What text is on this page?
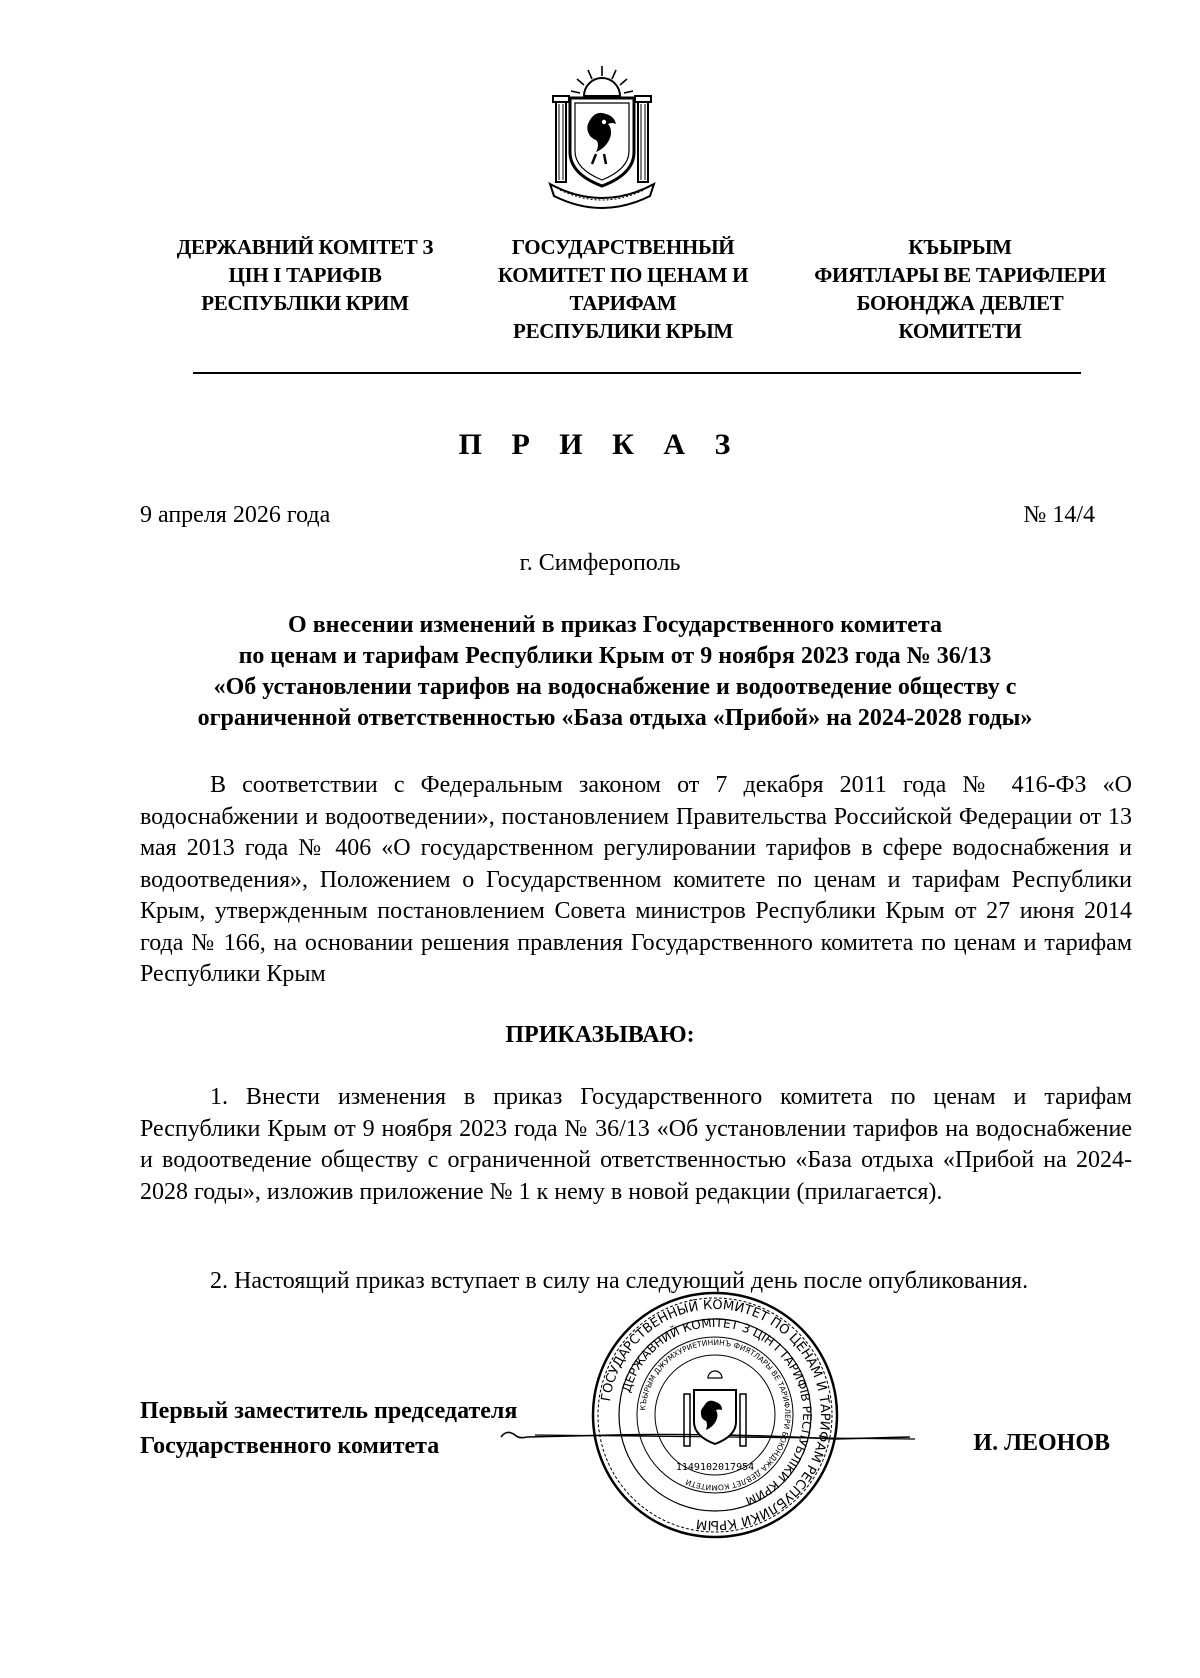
ДЕРЖАВНИЙ КОМІТЕТ З
ЦІН І ТАРИФІВ
РЕСПУБЛІКИ КРИМ
ГОСУДАРСТВЕННЫЙ
КОМИТЕТ ПО ЦЕНАМ И
ТАРИФАМ
РЕСПУБЛИКИ КРЫМ
КЪЫРЫМ
ФИЯТЛАРЫ ВЕ ТАРИФЛЕРИ
БОЮНДЖА ДЕВЛЕТ
КОМИТЕТИ
П Р И К А З
9 апреля 2026 года	№ 14/4
г. Симферополь
О внесении изменений в приказ Государственного комитета
по ценам и тарифам Республики Крым от 9 ноября 2023 года № 36/13
«Об установлении тарифов на водоснабжение и водоотведение обществу с
ограниченной ответственностью «База отдыха «Прибой» на 2024-2028 годы»
В соответствии с Федеральным законом от 7 декабря 2011 года № 416-ФЗ «О водоснабжении и водоотведении», постановлением Правительства Российской Федерации от 13 мая 2013 года № 406 «О государственном регулировании тарифов в сфере водоснабжения и водоотведения», Положением о Государственном комитете по ценам и тарифам Республики Крым, утвержденным постановлением Совета министров Республики Крым от 27 июня 2014 года № 166, на основании решения правления Государственного комитета по ценам и тарифам Республики Крым
ПРИКАЗЫВАЮ:
1. Внести изменения в приказ Государственного комитета по ценам и тарифам Республики Крым от 9 ноября 2023 года № 36/13 «Об установлении тарифов на водоснабжение и водоотведение обществу с ограниченной ответственностью «База отдыха «Прибой на 2024-2028 годы», изложив приложение № 1 к нему в новой редакции (прилагается).
2. Настоящий приказ вступает в силу на следующий день после опубликования.
Первый заместитель председателя
Государственного комитета	И. ЛЕОНОВ
ГОСУДАРСТВЕННЫЙ КОМИТЕТ ПО ЦЕНАМ И ТАРИФАМ РЕСПУБЛИКИ КРЫМ
ДЕРЖАВНИЙ КОМІТЕТ З ЦІН І ТАРИФІВ РЕСПУБЛІКИ КРИМ
КЪЫРЫМ ДЖУМХУРИЕТИНИНЪ ФИЯТЛАРЫ ВЕ ТАРИФЛЕРИ БОЮНДЖА ДЕВЛЕТ КОМИТЕТИ
1149102017954
